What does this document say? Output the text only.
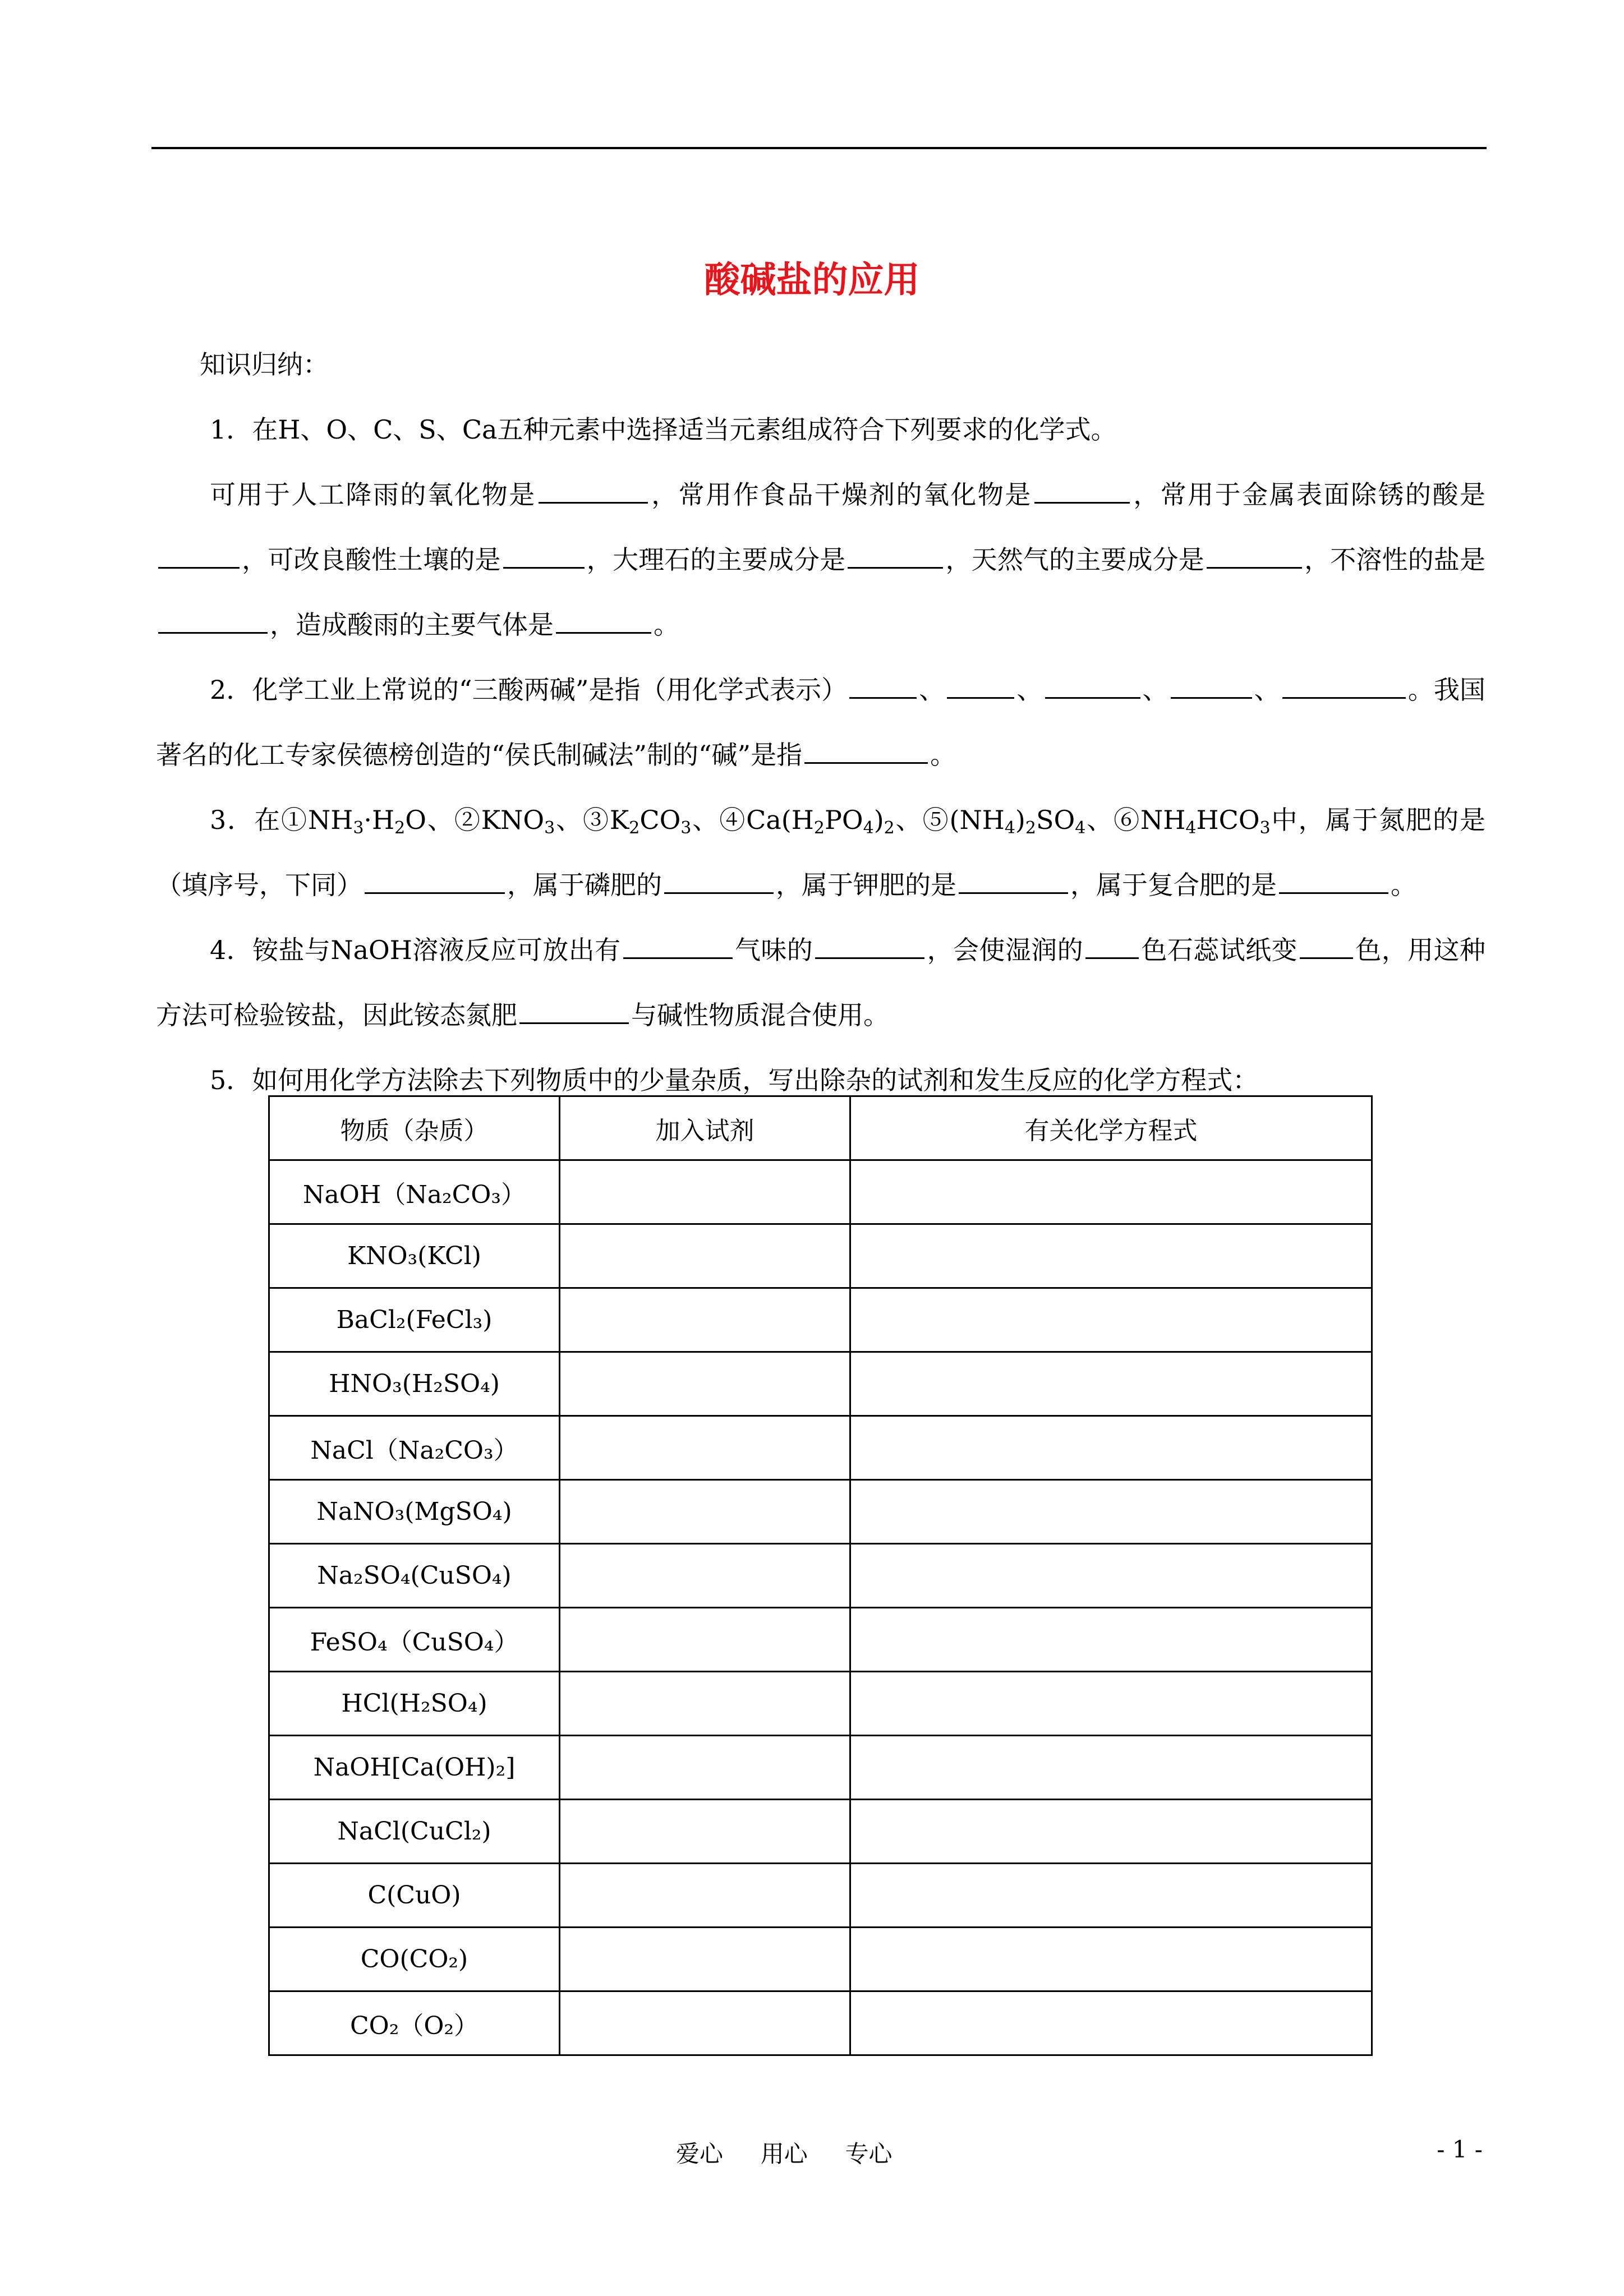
酸碱盐的应用

知识归纳：

1．在H、O、C、S、Ca五种元素中选择适当元素组成符合下列要求的化学式。

可用于人工降雨的氧化物是	，常用作食品干燥剂的氧化物是	，常用于金属表面除锈的酸是，可改良酸性土壤的是	，大理石的主要成分是	，天然气的主要成分是	，不溶性的盐是，造成酸雨的主要气体是	。

2．化学工业上常说的“三酸两碱”是指（用化学式表示）	、	、	、	、	。我国著名的化工专家侯德榜创造的“侯氏制碱法”制的“碱”是指	。

3．在$①NH_3\cdot H_2O$、$②KNO_3$、$③K_2CO_3$、$④Ca(H_2PO_4)_2$、$⑤(NH_4)_2SO_4$、$⑥NH_4HCO_3$中，属于氮肥的是（填序号，下同）	，属于磷肥的	，属于钾肥的是	，属于复合肥的是	。

4．铵盐与NaOH溶液反应可放出有	气味的	，会使湿润的 色石蕊试纸变 色，用这种方法可检验铵盐，因此铵态氮肥	与碱性物质混合使用。

5．如何用化学方法除去下列物质中的少量杂质，写出除杂的试剂和发生反应的化学方程式：

物质（杂质）	加入试剂	有关化学方程式
NaOH（Na₂CO₃）		
KNO₃(KCl)		
BaCl₂(FeCl₃)		
HNO₃(H₂SO₄)		
NaCl（Na₂CO₃）		
NaNO₃(MgSO₄)		
Na₂SO₄(CuSO₄)		
FeSO₄（CuSO₄）		
HCl(H₂SO₄)		
NaOH[Ca(OH)₂]		
NaCl(CuCl₂)		
C(CuO)		
CO(CO₂)		
CO₂（O₂）		
爱心     用心     专心	- 1 -
